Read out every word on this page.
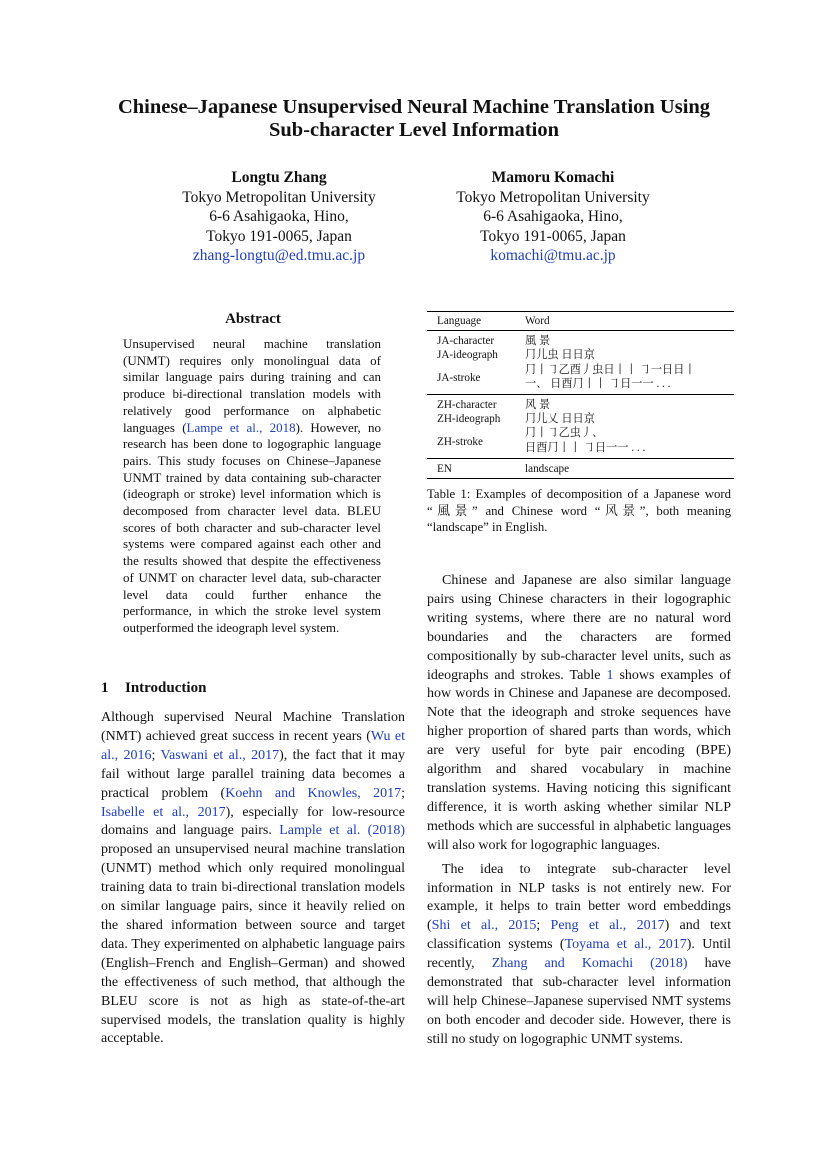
Chinese–Japanese Unsupervised Neural Machine Translation Using
Sub-character Level Information
Longtu Zhang
Tokyo Metropolitan University
6-6 Asahigaoka, Hino,
Tokyo 191-0065, Japan
zhang-longtu@ed.tmu.ac.jp
Mamoru Komachi
Tokyo Metropolitan University
6-6 Asahigaoka, Hino,
Tokyo 191-0065, Japan
komachi@tmu.ac.jp
Abstract
Unsupervised neural machine translation (UNMT) requires only monolingual data of similar language pairs during training and can produce bi-directional translation models with relatively good performance on alphabetic languages (Lampe et al., 2018). However, no research has been done to logographic language pairs. This study focuses on Chinese–Japanese UNMT trained by data containing sub-character (ideograph or stroke) level information which is decomposed from character level data. BLEU scores of both character and sub-character level systems were compared against each other and the results showed that despite the effectiveness of UNMT on character level data, sub-character level data could further enhance the performance, in which the stroke level system outperformed the ideograph level system.
1 Introduction

Although supervised Neural Machine Translation (NMT) achieved great success in recent years (Wu et al., 2016; Vaswani et al., 2017), the fact that it may fail without large parallel training data becomes a practical problem (Koehn and Knowles, 2017; Isabelle et al., 2017), especially for low-resource domains and language pairs. Lample et al. (2018) proposed an unsupervised neural machine translation (UNMT) method which only required monolingual training data to train bi-directional translation models on similar language pairs, since it heavily relied on the shared information between source and target data. They experimented on alphabetic language pairs (English–French and English–German) and showed the effectiveness of such method, that although the BLEU score is not as high as state-of-the-art supervised models, the translation quality is highly acceptable.

Language	Word
JA-character	風 景
JA-ideograph	⺆儿⾍ 日⽇京
JA-stroke	⺆⼁㇆乙⾣丿⾍日⼁丨 ㇆一⽇日丨
	一、 ⽇⾣⺆⼁丨 ㇆日一一 . . .
ZH-character	风 景
ZH-ideograph	⺆儿乂 日⽇京
ZH-stroke	⺆⼁㇆乙⾍丿、
	⽇⾣⺆⼁丨 ㇆日一一 . . .
EN	landscape
Table 1: Examples of decomposition of a Japanese word “風景” and Chinese word “风景”, both meaning “landscape” in English.

Chinese and Japanese are also similar language pairs using Chinese characters in their logographic writing systems, where there are no natural word boundaries and the characters are formed compositionally by sub-character level units, such as ideographs and strokes. Table 1 shows examples of how words in Chinese and Japanese are decomposed. Note that the ideograph and stroke sequences have higher proportion of shared parts than words, which are very useful for byte pair encoding (BPE) algorithm and shared vocabulary in machine translation systems. Having noticing this significant difference, it is worth asking whether similar NLP methods which are successful in alphabetic languages will also work for logographic languages.

The idea to integrate sub-character level information in NLP tasks is not entirely new. For example, it helps to train better word embeddings (Shi et al., 2015; Peng et al., 2017) and text classification systems (Toyama et al., 2017). Until recently, Zhang and Komachi (2018) have demonstrated that sub-character level information will help Chinese–Japanese supervised NMT systems on both encoder and decoder side. However, there is still no study on logographic UNMT systems.
